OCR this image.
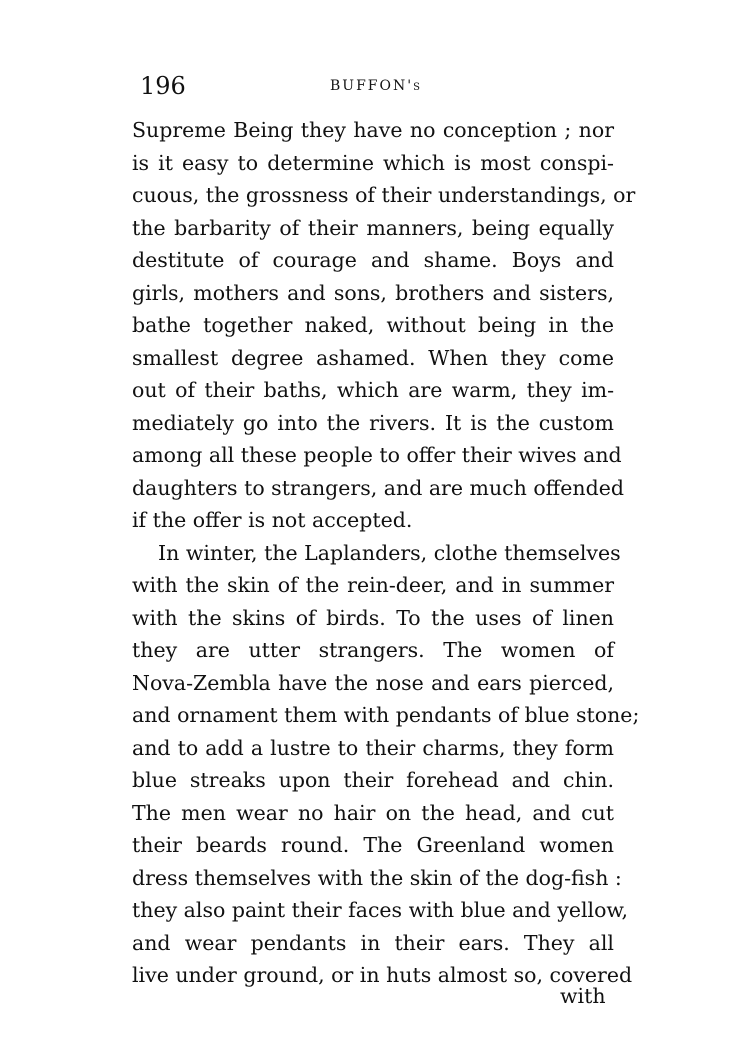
196	BUFFON's
Supreme Being they have no conception ; nor
is it easy to determine which is most conspi-
cuous, the grossness of their understandings, or
the barbarity of their manners, being equally
destitute of courage and shame. Boys and
girls, mothers and sons, brothers and sisters,
bathe together naked, without being in the
smallest degree ashamed. When they come
out of their baths, which are warm, they im-
mediately go into the rivers. It is the custom
among all these people to offer their wives and
daughters to strangers, and are much offended
if the offer is not accepted.
In winter, the Laplanders, clothe themselves
with the skin of the rein-deer, and in summer
with the skins of birds. To the uses of linen
they are utter strangers. The women of
Nova-Zembla have the nose and ears pierced,
and ornament them with pendants of blue stone;
and to add a lustre to their charms, they form
blue streaks upon their forehead and chin.
The men wear no hair on the head, and cut
their beards round. The Greenland women
dress themselves with the skin of the dog-fish :
they also paint their faces with blue and yellow,
and wear pendants in their ears. They all
live under ground, or in huts almost so, covered
with
